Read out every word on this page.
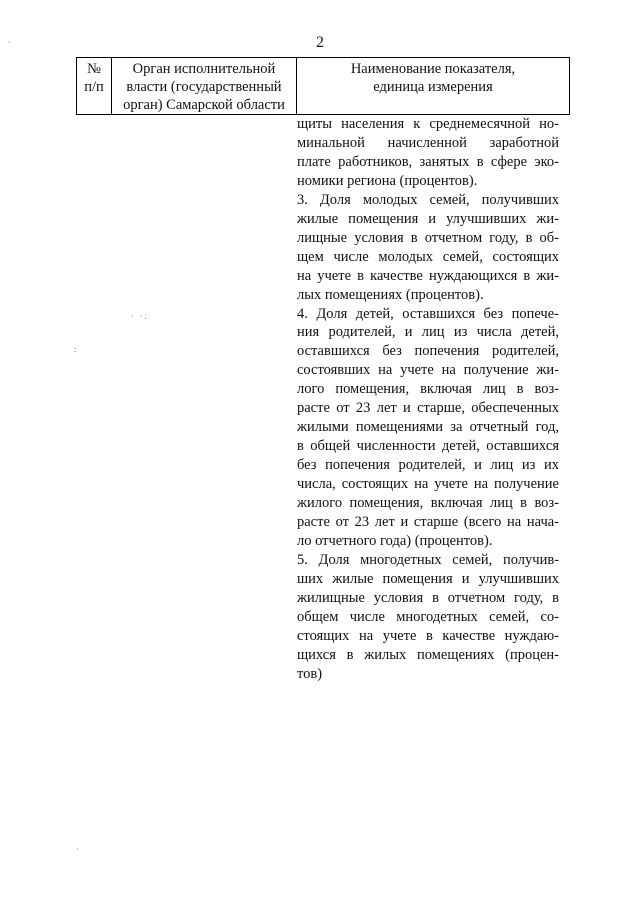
2
№
п/п

Орган исполнительной
власти (государственный
орган) Самарской области

Наименование показателя,
единица измерения
щиты населения к среднемесячной но-
минальной начисленной заработной
плате работников, занятых в сфере эко-
номики региона (процентов).
3. Доля молодых семей, получивших
жилые помещения и улучшивших жи-
лищные условия в отчетном году, в об-
щем числе молодых семей, состоящих
на учете в качестве нуждающихся в жи-
лых помещениях (процентов).
4. Доля детей, оставшихся без попече-
ния родителей, и лиц из числа детей,
оставшихся без попечения родителей,
состоявших на учете на получение жи-
лого помещения, включая лиц в воз-
расте от 23 лет и старше, обеспеченных
жилыми помещениями за отчетный год,
в общей численности детей, оставшихся
без попечения родителей, и лиц из их
числа, состоящих на учете на получение
жилого помещения, включая лиц в воз-
расте от 23 лет и старше (всего на нача-
ло отчетного года) (процентов).
5. Доля многодетных семей, получив-
ших жилые помещения и улучшивших
жилищные условия в отчетном году, в
общем числе многодетных семей, со-
стоящих на учете в качестве нуждаю-
щихся в жилых помещениях (процен-
тов)
· ·.
:
·
·
